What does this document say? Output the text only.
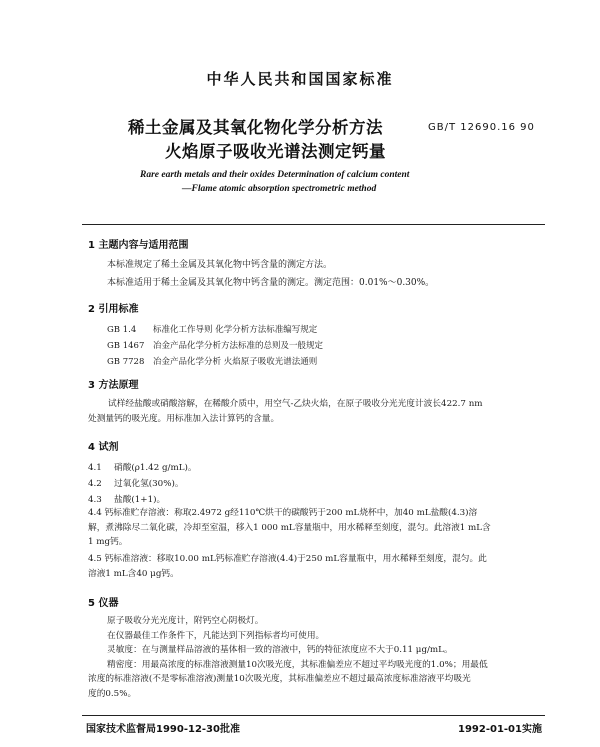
中华人民共和国国家标准
稀土金属及其氧化物化学分析方法
火焰原子吸收光谱法测定钙量
GB/T 12690.16 90
Rare earth metals and their oxides Determination of calcium content
—Flame atomic absorption spectrometric method
1 主题内容与适用范围
本标准规定了稀土金属及其氧化物中钙含量的测定方法。
本标准适用于稀土金属及其氧化物中钙含量的测定。测定范围：0.01%～0.30%。
2 引用标准
GB 1.4 标准化工作导则 化学分析方法标准编写规定
GB 1467 冶金产品化学分析方法标准的总则及一般规定
GB 7728 冶金产品化学分析 火焰原子吸收光谱法通则
3 方法原理
试样经盐酸或硝酸溶解，在稀酸介质中，用空气-乙炔火焰，在原子吸收分光光度计波长422.7 nm
处测量钙的吸光度。用标准加入法计算钙的含量。
4 试剂
4.1 硝酸(ρ1.42 g/mL)。
4.2 过氧化氢(30%)。
4.3 盐酸(1+1)。
4.4 钙标准贮存溶液：称取2.4972 g经110℃烘干的碳酸钙于200 mL烧杯中，加40 mL盐酸(4.3)溶
解，煮沸除尽二氧化碳，冷却至室温，移入1 000 mL容量瓶中，用水稀释至刻度，混匀。此溶液1 mL含
1 mg钙。
4.5 钙标准溶液：移取10.00 mL钙标准贮存溶液(4.4)于250 mL容量瓶中，用水稀释至刻度，混匀。此
溶液1 mL含40 μg钙。
5 仪器
原子吸收分光光度计，附钙空心阴极灯。
在仪器最佳工作条件下，凡能达到下列指标者均可使用。
灵敏度：在与测量样品溶液的基体相一致的溶液中，钙的特征浓度应不大于0.11 μg/mL。
精密度：用最高浓度的标准溶液测量10次吸光度，其标准偏差应不超过平均吸光度的1.0%；用最低
浓度的标准溶液(不是零标准溶液)测量10次吸光度，其标准偏差应不超过最高浓度标准溶液平均吸光
度的0.5%。
国家技术监督局1990-12-30批准	1992-01-01实施
